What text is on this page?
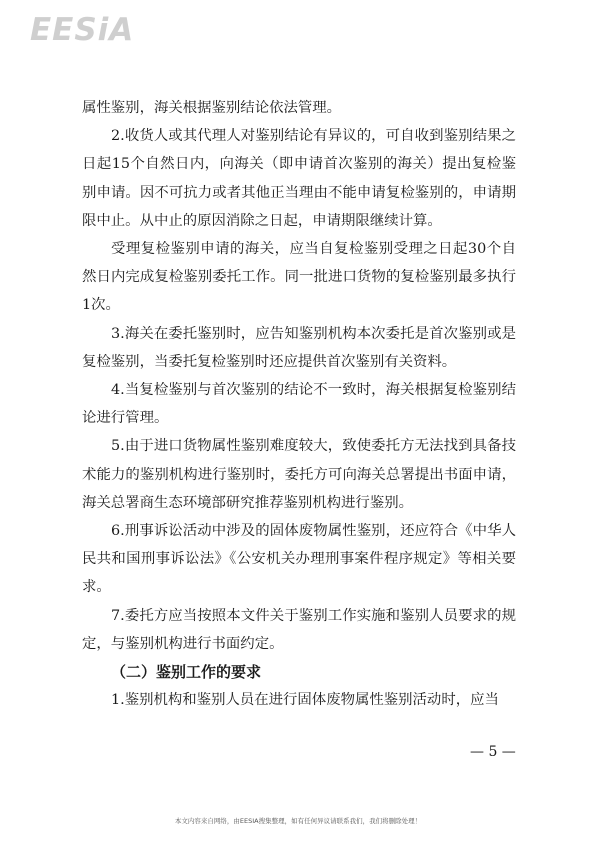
EESiA

属性鉴别，海关根据鉴别结论依法管理。

2.收货人或其代理人对鉴别结论有异议的，可自收到鉴别结果之日起15个自然日内，向海关（即申请首次鉴别的海关）提出复检鉴别申请。因不可抗力或者其他正当理由不能申请复检鉴别的，申请期限中止。从中止的原因消除之日起，申请期限继续计算。

受理复检鉴别申请的海关，应当自复检鉴别受理之日起30个自然日内完成复检鉴别委托工作。同一批进口货物的复检鉴别最多执行1次。

3.海关在委托鉴别时，应告知鉴别机构本次委托是首次鉴别或是复检鉴别，当委托复检鉴别时还应提供首次鉴别有关资料。

4.当复检鉴别与首次鉴别的结论不一致时，海关根据复检鉴别结论进行管理。

5.由于进口货物属性鉴别难度较大，致使委托方无法找到具备技术能力的鉴别机构进行鉴别时，委托方可向海关总署提出书面申请，海关总署商生态环境部研究推荐鉴别机构进行鉴别。

6.刑事诉讼活动中涉及的固体废物属性鉴别，还应符合《中华人民共和国刑事诉讼法》《公安机关办理刑事案件程序规定》等相关要求。

7.委托方应当按照本文件关于鉴别工作实施和鉴别人员要求的规定，与鉴别机构进行书面约定。

（二）鉴别工作的要求

1.鉴别机构和鉴别人员在进行固体废物属性鉴别活动时，应当

— 5 —
本文内容来自网络，由EESIA搜集整理，如有任何异议请联系我们，我们将删除处理！
